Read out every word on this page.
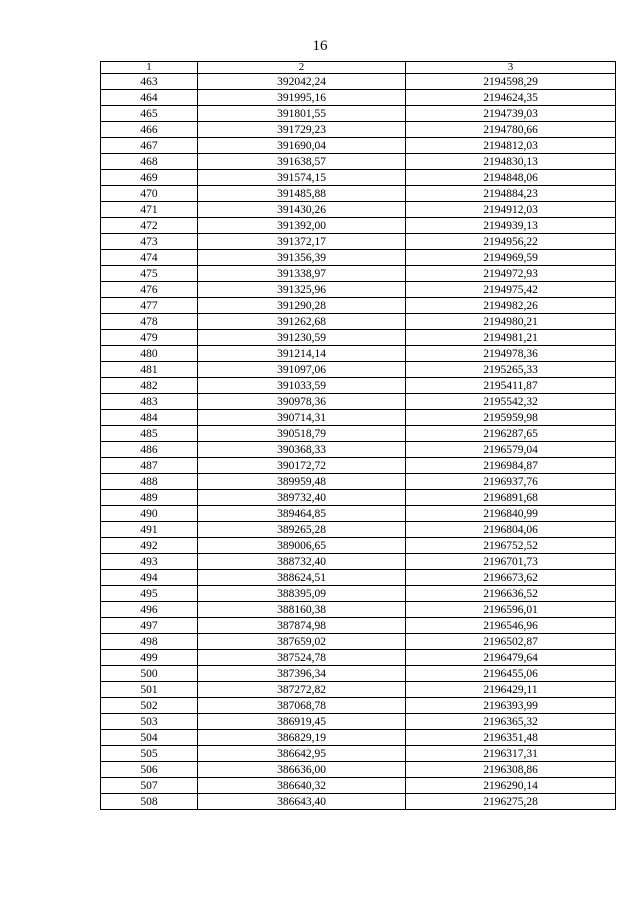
16
1	2	3
463	392042,24	2194598,29
464	391995,16	2194624,35
465	391801,55	2194739,03
466	391729,23	2194780,66
467	391690,04	2194812,03
468	391638,57	2194830,13
469	391574,15	2194848,06
470	391485,88	2194884,23
471	391430,26	2194912,03
472	391392,00	2194939,13
473	391372,17	2194956,22
474	391356,39	2194969,59
475	391338,97	2194972,93
476	391325,96	2194975,42
477	391290,28	2194982,26
478	391262,68	2194980,21
479	391230,59	2194981,21
480	391214,14	2194978,36
481	391097,06	2195265,33
482	391033,59	2195411,87
483	390978,36	2195542,32
484	390714,31	2195959,98
485	390518,79	2196287,65
486	390368,33	2196579,04
487	390172,72	2196984,87
488	389959,48	2196937,76
489	389732,40	2196891,68
490	389464,85	2196840,99
491	389265,28	2196804,06
492	389006,65	2196752,52
493	388732,40	2196701,73
494	388624,51	2196673,62
495	388395,09	2196636,52
496	388160,38	2196596,01
497	387874,98	2196546,96
498	387659,02	2196502,87
499	387524,78	2196479,64
500	387396,34	2196455,06
501	387272,82	2196429,11
502	387068,78	2196393,99
503	386919,45	2196365,32
504	386829,19	2196351,48
505	386642,95	2196317,31
506	386636,00	2196308,86
507	386640,32	2196290,14
508	386643,40	2196275,28
